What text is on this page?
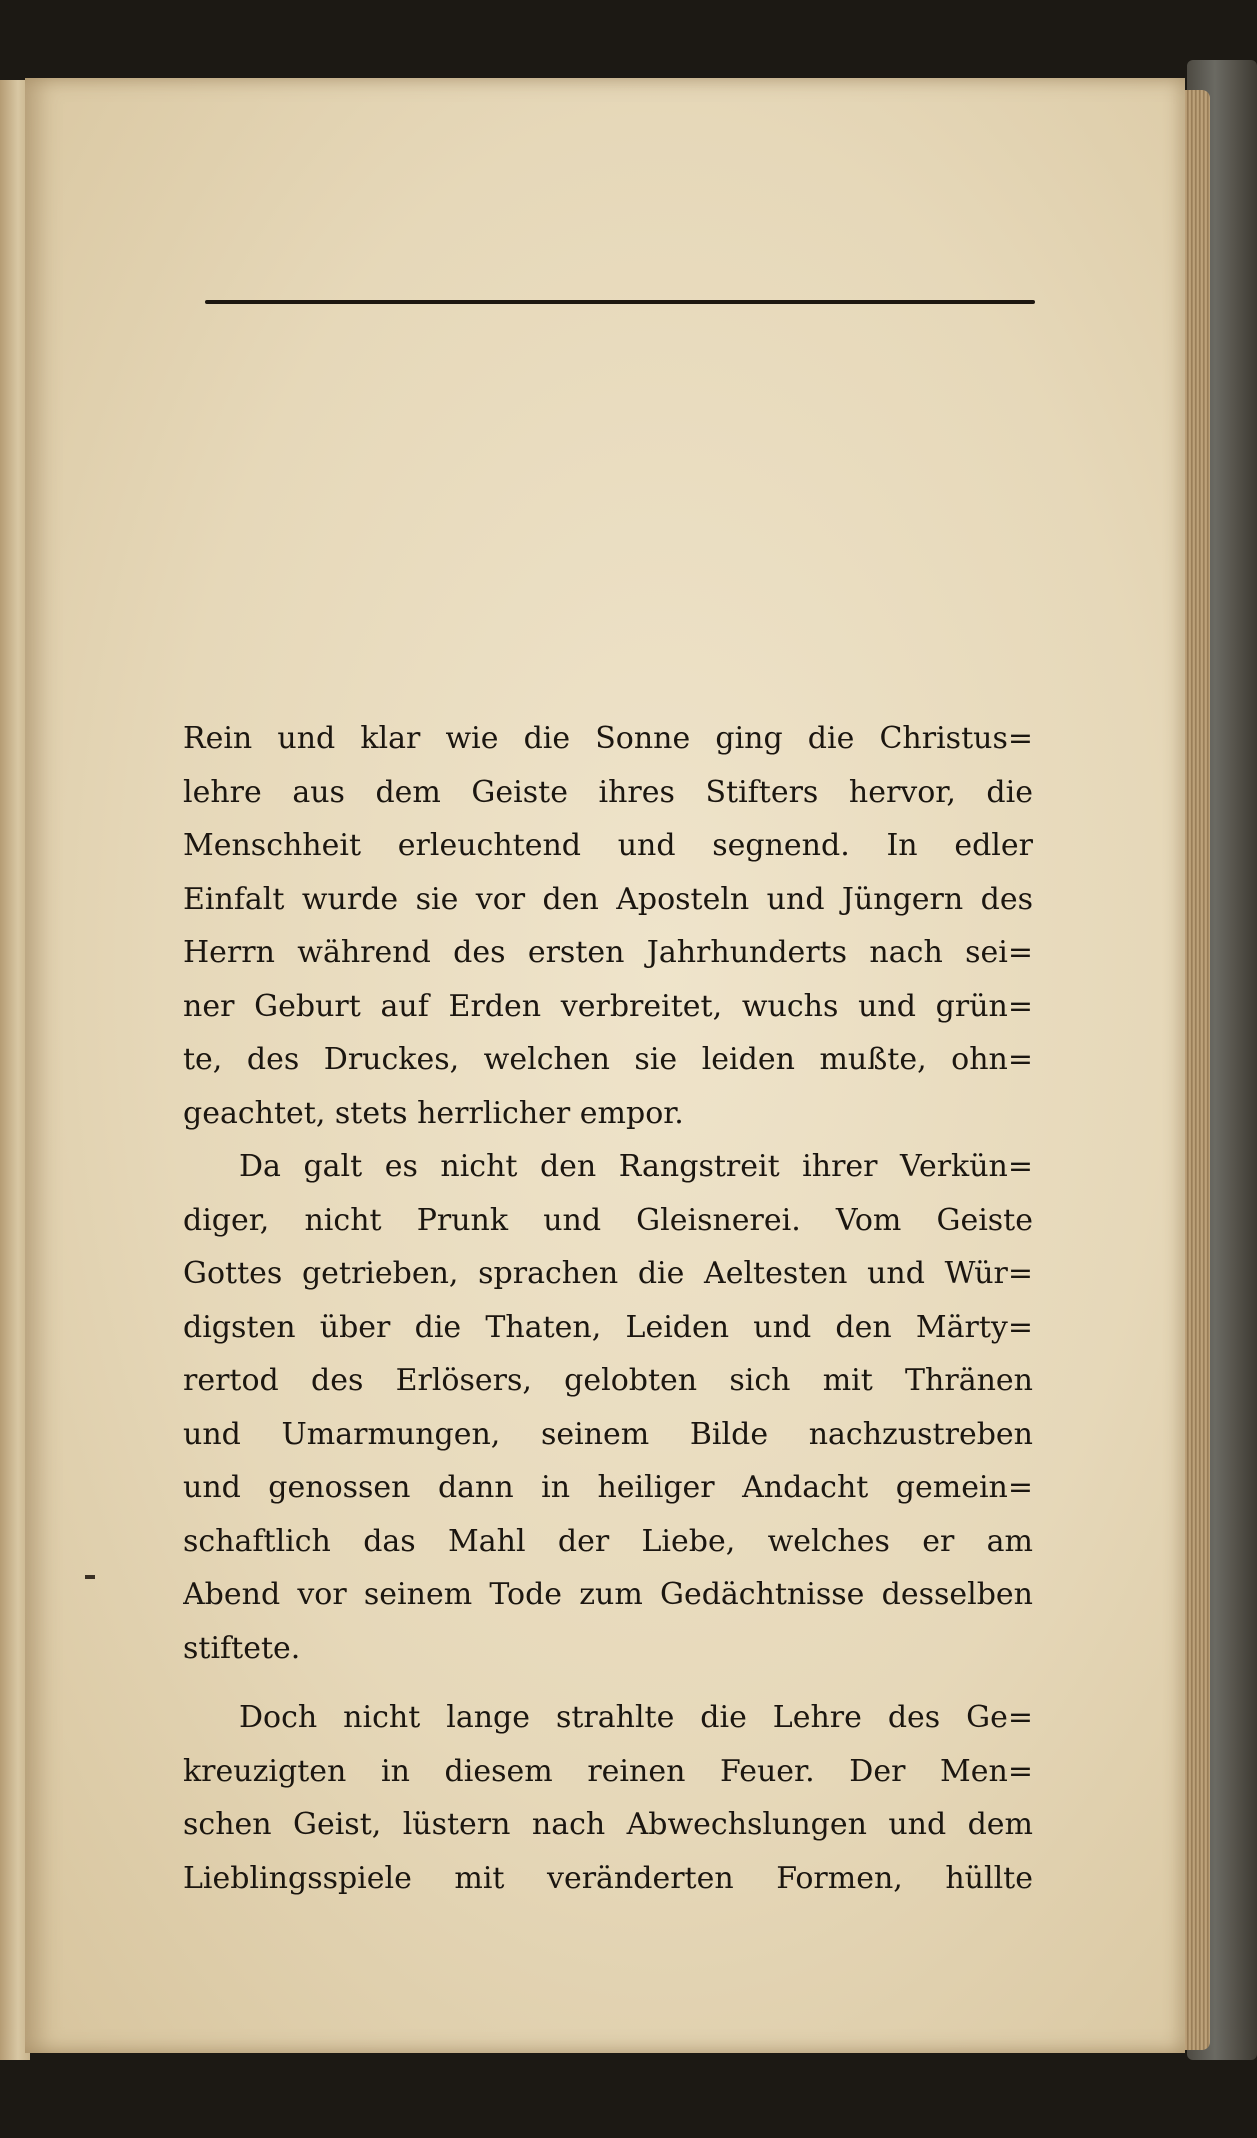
Rein und klar wie die Sonne ging die Christus=
lehre aus dem Geiste ihres Stifters hervor, die
Menschheit erleuchtend und segnend. In edler
Einfalt wurde sie vor den Aposteln und Jüngern des
Herrn während des ersten Jahrhunderts nach sei=
ner Geburt auf Erden verbreitet, wuchs und grün=
te, des Druckes, welchen sie leiden mußte, ohn=
geachtet, stets herrlicher empor.

Da galt es nicht den Rangstreit ihrer Verkün=
diger, nicht Prunk und Gleisnerei. Vom Geiste
Gottes getrieben, sprachen die Aeltesten und Wür=
digsten über die Thaten, Leiden und den Märty=
rertod des Erlösers, gelobten sich mit Thränen
und Umarmungen, seinem Bilde nachzustreben
und genossen dann in heiliger Andacht gemein=
schaftlich das Mahl der Liebe, welches er am
Abend vor seinem Tode zum Gedächtnisse desselben
stiftete.

Doch nicht lange strahlte die Lehre des Ge=
kreuzigten in diesem reinen Feuer. Der Men=
schen Geist, lüstern nach Abwechslungen und dem
Lieblingsspiele mit veränderten Formen, hüllte
